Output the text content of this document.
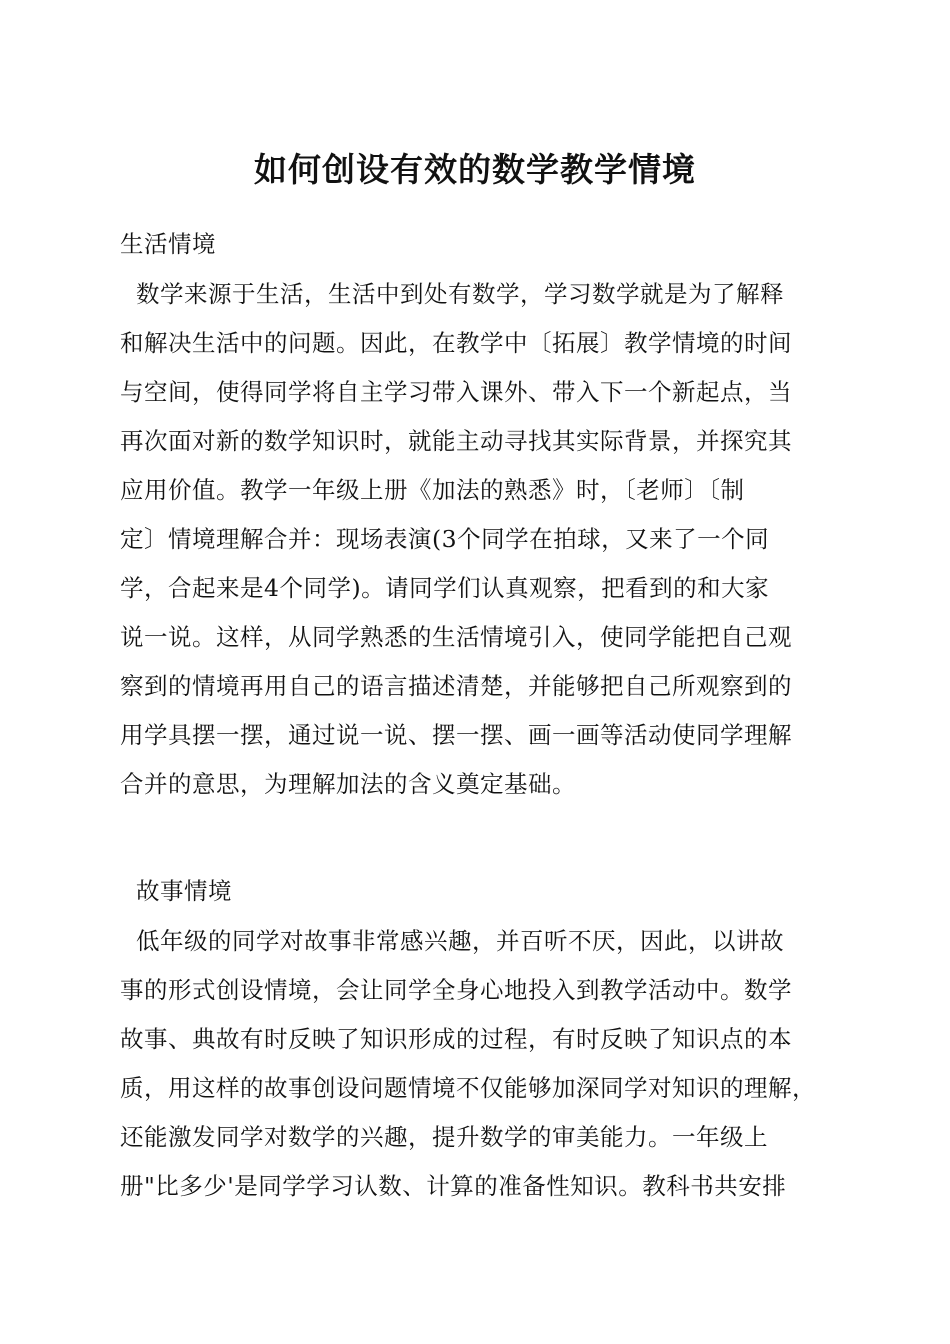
如何创设有效的数学教学情境
生活情境
数学来源于生活，生活中到处有数学，学习数学就是为了解释
和解决生活中的问题。因此，在教学中〔拓展〕教学情境的时间
与空间，使得同学将自主学习带入课外、带入下一个新起点，当
再次面对新的数学知识时，就能主动寻找其实际背景，并探究其
应用价值。教学一年级上册《加法的熟悉》时，〔老师〕〔制
定〕情境理解合并：现场表演(3个同学在拍球，又来了一个同
学，合起来是4个同学)。请同学们认真观察，把看到的和大家
说一说。这样，从同学熟悉的生活情境引入，使同学能把自己观
察到的情境再用自己的语言描述清楚，并能够把自己所观察到的
用学具摆一摆，通过说一说、摆一摆、画一画等活动使同学理解
合并的意思，为理解加法的含义奠定基础。
故事情境
低年级的同学对故事非常感兴趣，并百听不厌，因此，以讲故
事的形式创设情境，会让同学全身心地投入到教学活动中。数学
故事、典故有时反映了知识形成的过程，有时反映了知识点的本
质，用这样的故事创设问题情境不仅能够加深同学对知识的理解，
还能激发同学对数学的兴趣，提升数学的审美能力。一年级上
册"比多少'是同学学习认数、计算的准备性知识。教科书共安排
